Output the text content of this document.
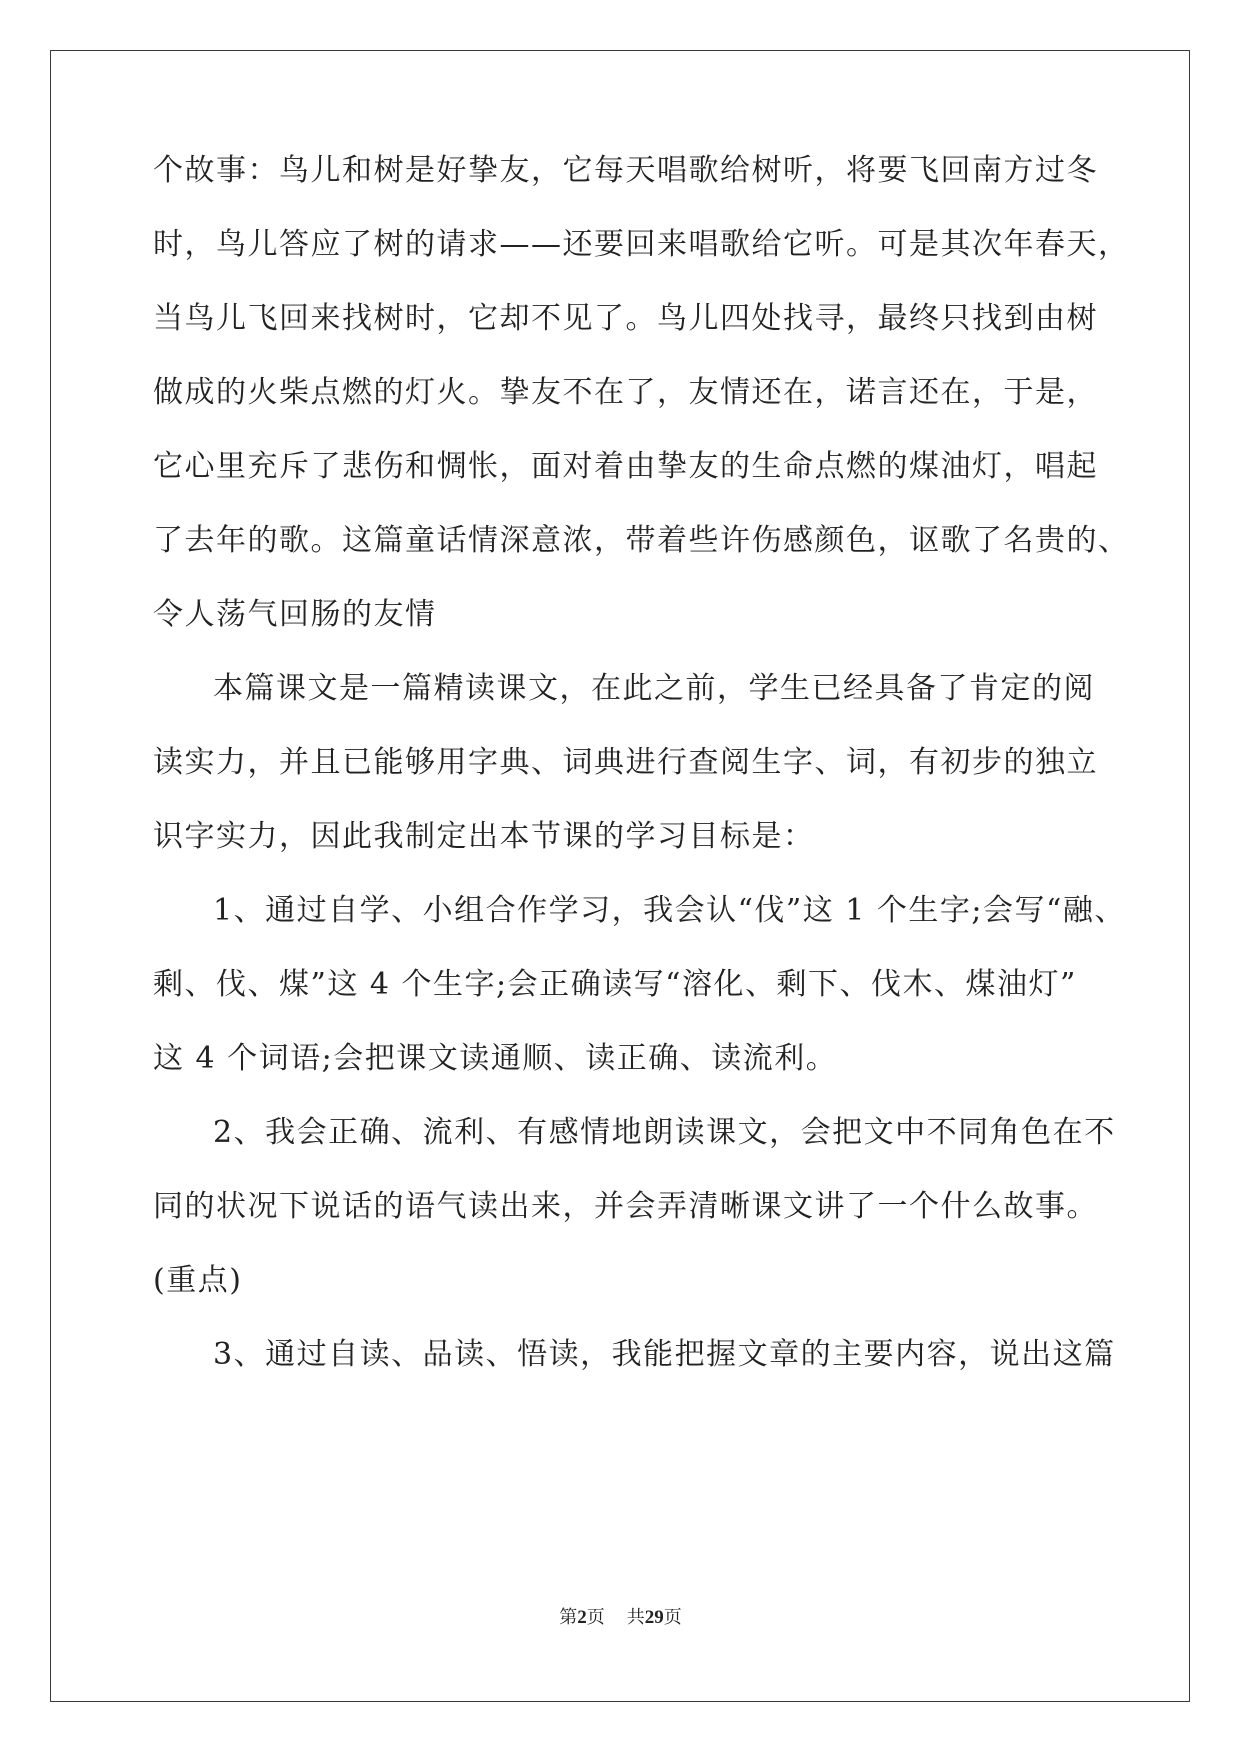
个故事：鸟儿和树是好挚友，它每天唱歌给树听，将要飞回南方过冬

时，鸟儿答应了树的请求——还要回来唱歌给它听。可是其次年春天，

当鸟儿飞回来找树时，它却不见了。鸟儿四处找寻，最终只找到由树

做成的火柴点燃的灯火。挚友不在了，友情还在，诺言还在，于是，

它心里充斥了悲伤和惆怅，面对着由挚友的生命点燃的煤油灯，唱起

了去年的歌。这篇童话情深意浓，带着些许伤感颜色，讴歌了名贵的、

令人荡气回肠的友情

本篇课文是一篇精读课文，在此之前，学生已经具备了肯定的阅

读实力，并且已能够用字典、词典进行查阅生字、词，有初步的独立

识字实力，因此我制定出本节课的学习目标是：

1、通过自学、小组合作学习，我会认“伐”这 1 个生字;会写“融、

剩、伐、煤”这 4 个生字;会正确读写“溶化、剩下、伐木、煤油灯”

这 4 个词语;会把课文读通顺、读正确、读流利。

2、我会正确、流利、有感情地朗读课文，会把文中不同角色在不

同的状况下说话的语气读出来，并会弄清晰课文讲了一个什么故事。

(重点)

3、通过自读、品读、悟读，我能把握文章的主要内容，说出这篇

第2页 共29页
